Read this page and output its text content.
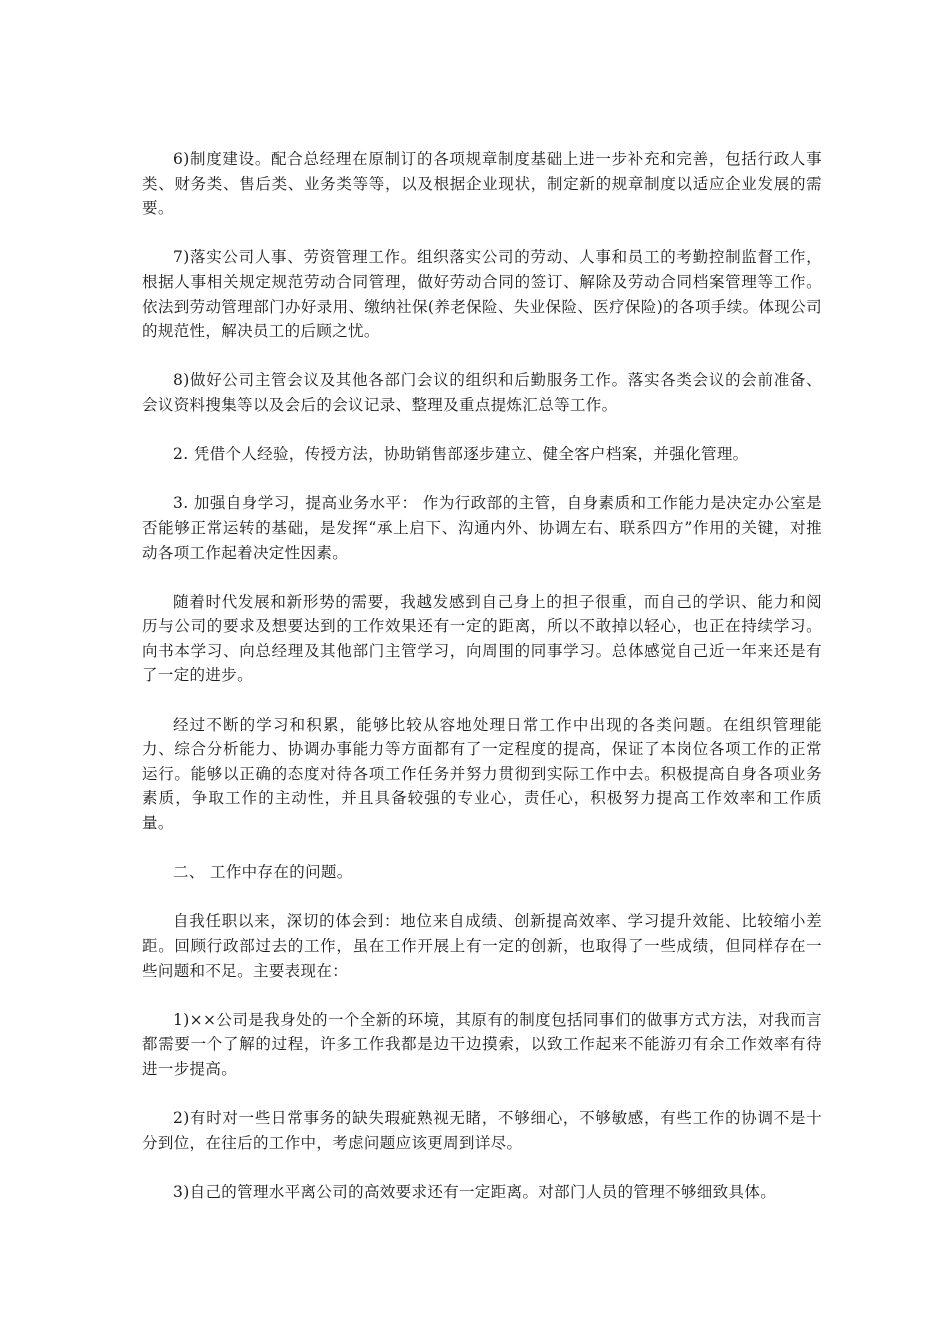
6)制度建设。配合总经理在原制订的各项规章制度基础上进一步补充和完善，包括行政人事类、财务类、售后类、业务类等等，以及根据企业现状，制定新的规章制度以适应企业发展的需要。

7)落实公司人事、劳资管理工作。组织落实公司的劳动、人事和员工的考勤控制监督工作，根据人事相关规定规范劳动合同管理，做好劳动合同的签订、解除及劳动合同档案管理等工作。依法到劳动管理部门办好录用、缴纳社保(养老保险、失业保险、医疗保险)的各项手续。体现公司的规范性，解决员工的后顾之忧。

8)做好公司主管会议及其他各部门会议的组织和后勤服务工作。落实各类会议的会前准备、会议资料搜集等以及会后的会议记录、整理及重点提炼汇总等工作。

2. 凭借个人经验，传授方法，协助销售部逐步建立、健全客户档案，并强化管理。

3. 加强自身学习，提高业务水平： 作为行政部的主管，自身素质和工作能力是决定办公室是否能够正常运转的基础，是发挥“承上启下、沟通内外、协调左右、联系四方”作用的关键，对推动各项工作起着决定性因素。

随着时代发展和新形势的需要，我越发感到自己身上的担子很重，而自己的学识、能力和阅历与公司的要求及想要达到的工作效果还有一定的距离，所以不敢掉以轻心，也正在持续学习。向书本学习、向总经理及其他部门主管学习，向周围的同事学习。总体感觉自己近一年来还是有了一定的进步。

经过不断的学习和积累，能够比较从容地处理日常工作中出现的各类问题。在组织管理能力、综合分析能力、协调办事能力等方面都有了一定程度的提高，保证了本岗位各项工作的正常运行。能够以正确的态度对待各项工作任务并努力贯彻到实际工作中去。积极提高自身各项业务素质，争取工作的主动性，并且具备较强的专业心，责任心，积极努力提高工作效率和工作质量。

二、 工作中存在的问题。

自我任职以来，深切的体会到：地位来自成绩、创新提高效率、学习提升效能、比较缩小差距。回顾行政部过去的工作，虽在工作开展上有一定的创新，也取得了一些成绩，但同样存在一些问题和不足。主要表现在：

1)××公司是我身处的一个全新的环境，其原有的制度包括同事们的做事方式方法，对我而言都需要一个了解的过程，许多工作我都是边干边摸索，以致工作起来不能游刃有余工作效率有待进一步提高。

2)有时对一些日常事务的缺失瑕疵熟视无睹，不够细心，不够敏感，有些工作的协调不是十分到位，在往后的工作中，考虑问题应该更周到详尽。

3)自己的管理水平离公司的高效要求还有一定距离。对部门人员的管理不够细致具体。
